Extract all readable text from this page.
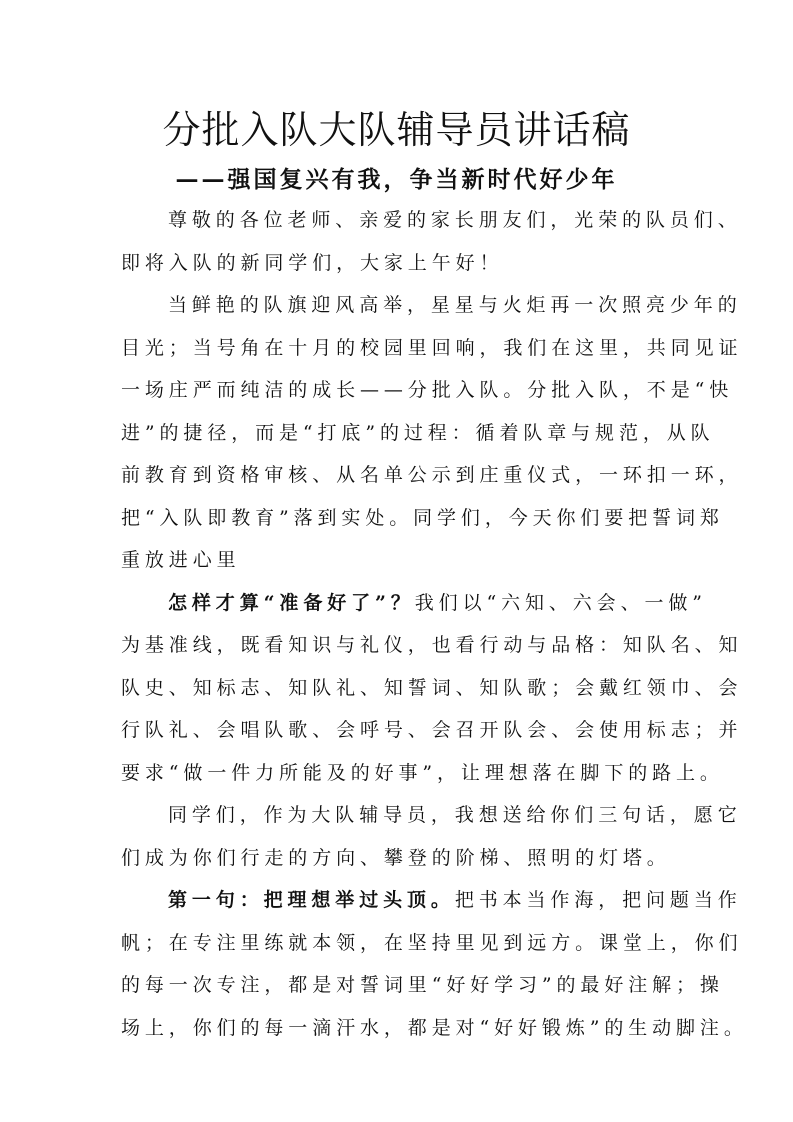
分批入队大队辅导员讲话稿
——强国复兴有我，争当新时代好少年
尊敬的各位老师、亲爱的家长朋友们，光荣的队员们、
即将入队的新同学们，大家上午好！
当鲜艳的队旗迎风高举，星星与火炬再一次照亮少年的
目光；当号角在十月的校园里回响，我们在这里，共同见证
一场庄严而纯洁的成长——分批入队。分批入队，不是“快
进”的捷径，而是“打底”的过程：循着队章与规范，从队
前教育到资格审核、从名单公示到庄重仪式，一环扣一环，
把“入队即教育”落到实处。同学们，今天你们要把誓词郑
重放进心里
怎样才算“准备好了”？我们以“六知、六会、一做”
为基准线，既看知识与礼仪，也看行动与品格：知队名、知
队史、知标志、知队礼、知誓词、知队歌；会戴红领巾、会
行队礼、会唱队歌、会呼号、会召开队会、会使用标志；并
要求“做一件力所能及的好事”，让理想落在脚下的路上。
同学们，作为大队辅导员，我想送给你们三句话，愿它
们成为你们行走的方向、攀登的阶梯、照明的灯塔。
第一句：把理想举过头顶。把书本当作海，把问题当作
帆；在专注里练就本领，在坚持里见到远方。课堂上，你们
的每一次专注，都是对誓词里“好好学习”的最好注解；操
场上，你们的每一滴汗水，都是对“好好锻炼”的生动脚注。
